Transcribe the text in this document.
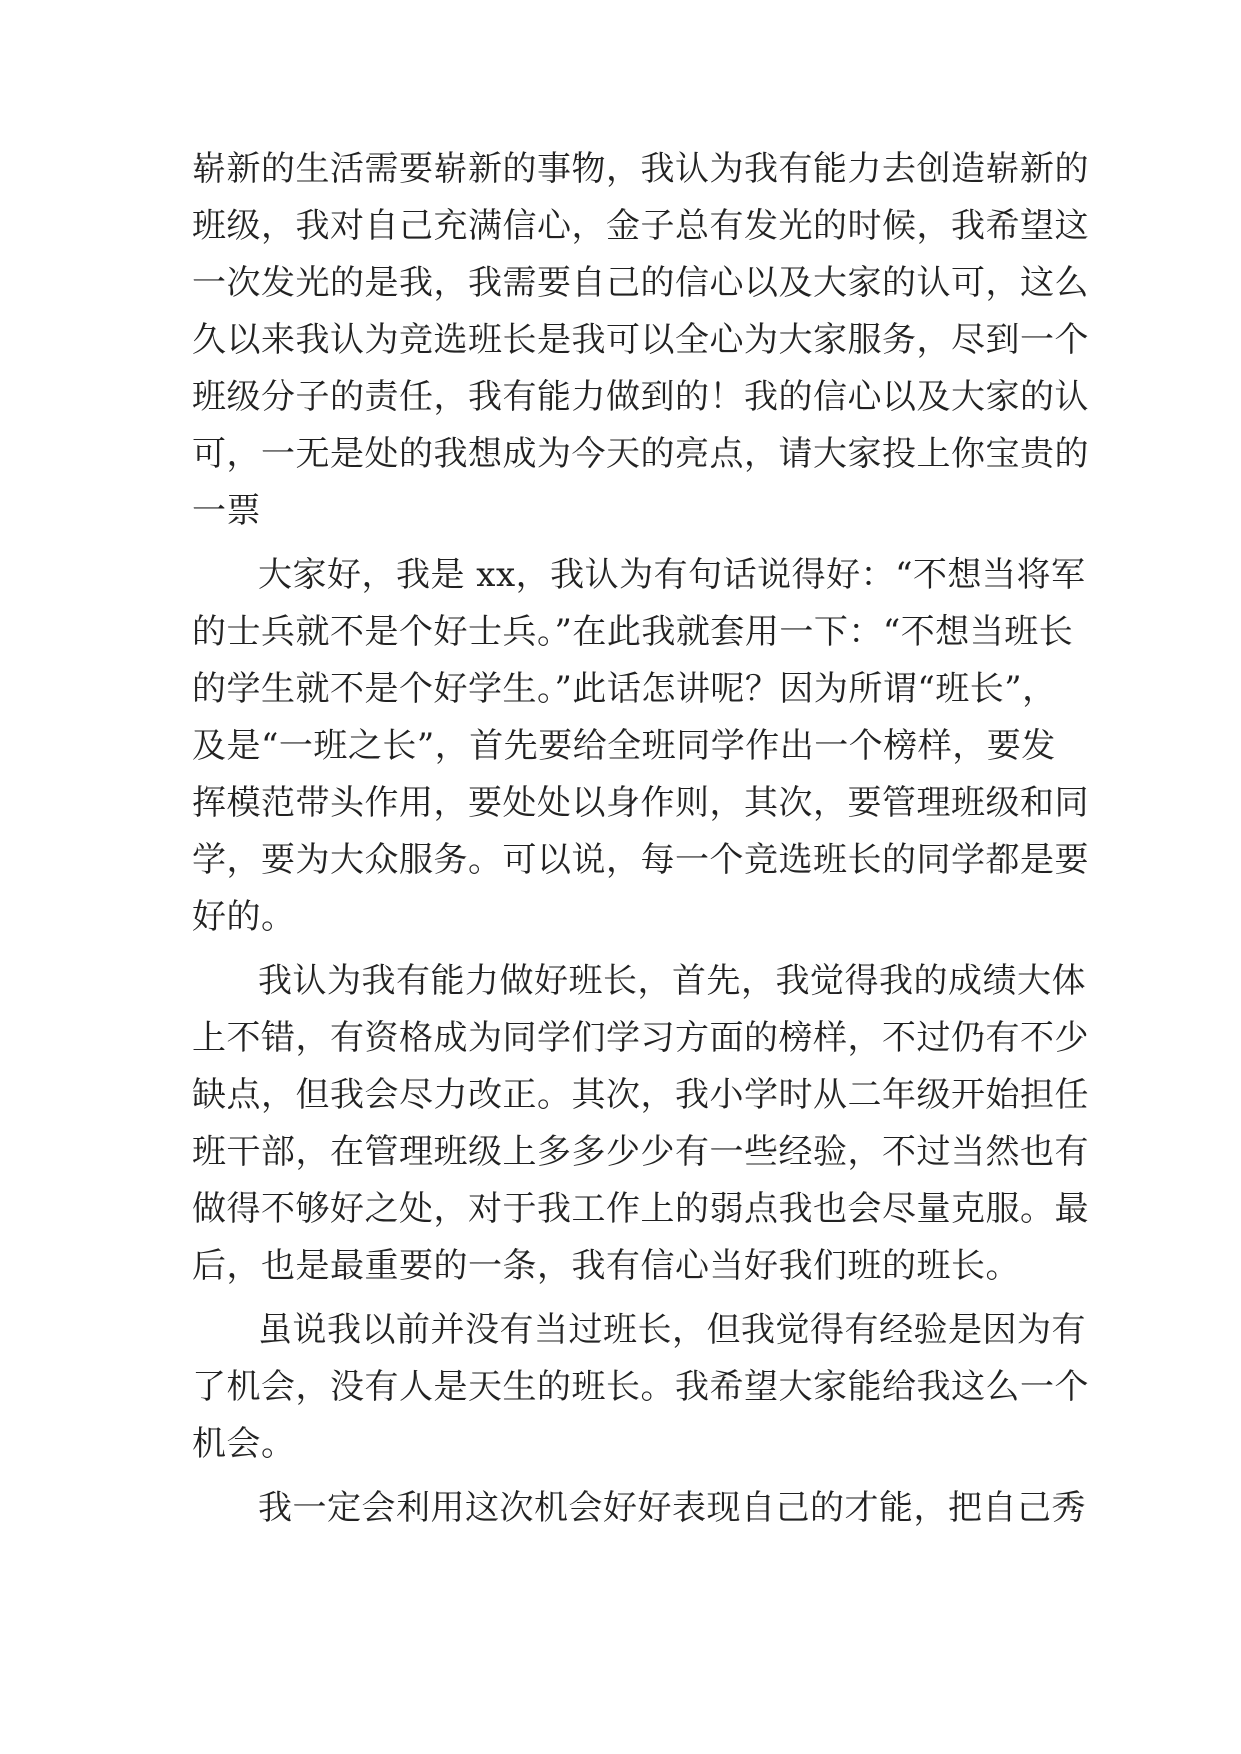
崭新的生活需要崭新的事物，我认为我有能力去创造崭新的
班级，我对自己充满信心，金子总有发光的时候，我希望这
一次发光的是我，我需要自己的信心以及大家的认可，这么
久以来我认为竞选班长是我可以全心为大家服务，尽到一个
班级分子的责任，我有能力做到的！我的信心以及大家的认
可，一无是处的我想成为今天的亮点，请大家投上你宝贵的
一票
大家好，我是 xx，我认为有句话说得好：“不想当将军
的士兵就不是个好士兵。”在此我就套用一下：“不想当班长
的学生就不是个好学生。”此话怎讲呢？因为所谓“班长”，
及是“一班之长”，首先要给全班同学作出一个榜样，要发
挥模范带头作用，要处处以身作则，其次，要管理班级和同
学，要为大众服务。可以说，每一个竞选班长的同学都是要
好的。
我认为我有能力做好班长，首先，我觉得我的成绩大体
上不错，有资格成为同学们学习方面的榜样，不过仍有不少
缺点，但我会尽力改正。其次，我小学时从二年级开始担任
班干部，在管理班级上多多少少有一些经验，不过当然也有
做得不够好之处，对于我工作上的弱点我也会尽量克服。最
后，也是最重要的一条，我有信心当好我们班的班长。
虽说我以前并没有当过班长，但我觉得有经验是因为有
了机会，没有人是天生的班长。我希望大家能给我这么一个
机会。
我一定会利用这次机会好好表现自己的才能，把自己秀
